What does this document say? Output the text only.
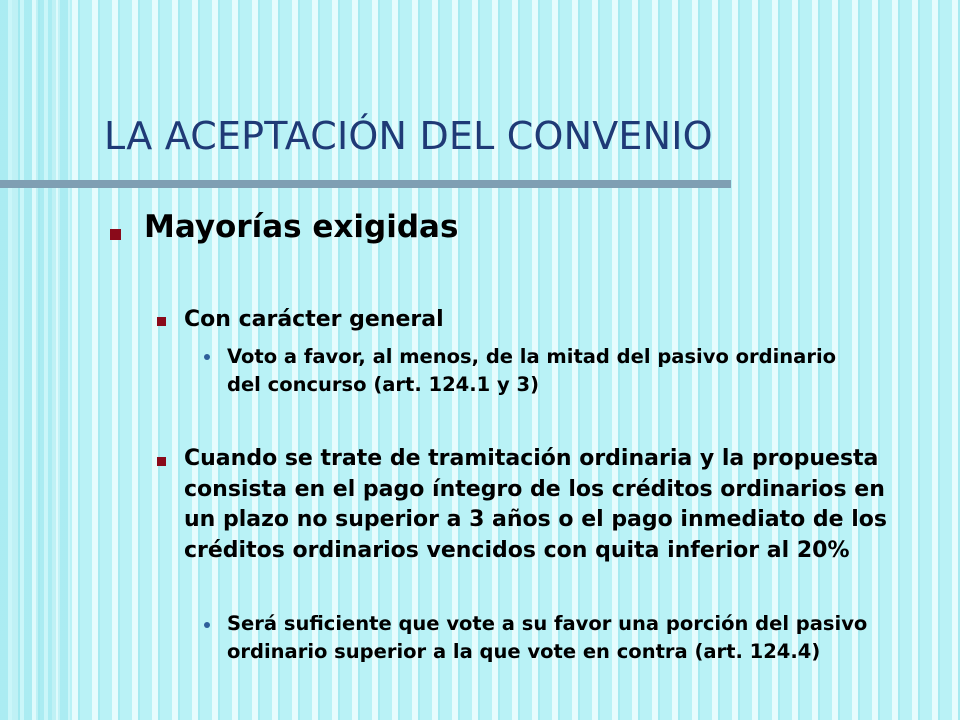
LA ACEPTACIÓN DEL CONVENIO
Mayorías exigidas
Con carácter general
Voto a favor, al menos, de la mitad del pasivo ordinario del concurso (art. 124.1 y 3)
Cuando se trate de tramitación ordinaria y la propuesta consista en el pago íntegro de los créditos ordinarios en un plazo no superior a 3 años o el pago inmediato de los créditos ordinarios vencidos con quita inferior al 20%
Será suficiente que vote a su favor una porción del pasivo ordinario superior a la que vote en contra (art. 124.4)
